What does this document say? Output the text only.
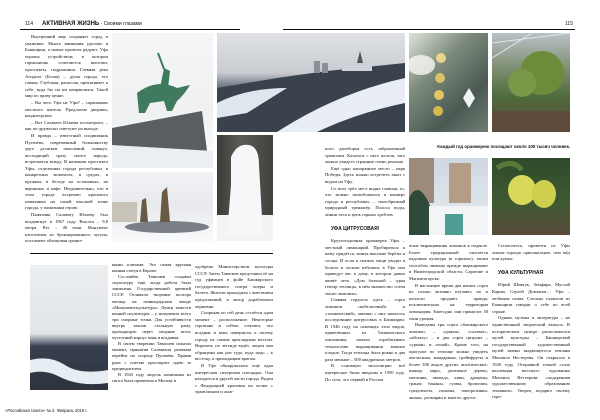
114 АКТИВНАЯ ЖИЗНЬ · Своими глазами	115

Внутренний мир сохраняет город и уважение. Много внимания уделено в Башкирии, а новые проекты радуют. Уфа хороша устройством, в котором гармонично сочетаются высотки, проспекты, подражания. Главная река Агидель (Белая) – душа города, его гавань. Глубокая, раскосая, притягивает к себе, куда бы ты ни направлялся. Такой мир по праву ценят.

– Вы чего Уфа не Уфа? – спрашиваю местного жителя. Предлагаю дворики, кондитерские.

– Вот Салавата Юлаева посмотрите, – как по-дружески советуют на выходе.

И правда – известный сподвижник Пугачёва, современный большинству двух десятков поколений, скакнул, восходящий сразу своего народа, встречается всюду. В названии проспекта Уфы, отделениях города республики, в конкретных моментах, в средах, в кружках, в беседе на остановках, на вершинах и кафе. Неудивительно, что в этом городе встречаю красивого памятника на самой высокой точке города, у памятника герою.

Памятник Салавату Юлаеву был воздвигнут в 1967 году. Высота – 9,8 метра. Вес – 40 тонн. Монумент изготовлен из бронзированного чугуна, постамент облицован гранит-

ными плитами. Это самая крупная конная статуя в Европе.

Сосланбек Тавасиев создавал скульптуру ещё, когда работа была закончена. Государственной премией СССР. Отливали творение полтора месяца на ленинградском заводе «Монументскульптура». Центр тяжести конной скульптуры – у монумента всего три опорные точки. Для устойчивости внутрь залили стальную раму, проходящую через опорные ноги, пустотный корпус коня и всадника.

В своем творении Тавасиев показал момент, принятия Салаватом решения перейти на сторону Пугачёва. Правая рука с плетью простирает идею за предводителем.

В 1943 году модель памятника из гипса была привезена в Москву и

одобрена Министерством культуры СССР. Затем Тавасиев представил её на суд уфимцев в фойе Башкирского государственного театра оперы и балета. Жители приходили с внесением предложений, и автор дорабатывал черновик.

Спорным по сей день остаётся один момент – расположение. Некоторые горожане и сейчас считают, что всадник и конь повернуты к своему городу не самым приглядным местом. Впрочем, по легенде ведёт, лицом они обращены как раз туда, куда надо – к востоку, к приходящим врагам.

В Уфе обнаружилась ещё одна интересная смотровая площадка. Она находится в другой части города. Рядом с Федерацией красивая на холме с трамплином и лыж-

Каждый год оранжерею посещают около 100 тысяч человек.

ного двоеборья есть заброшенный трамплин. Кататься с него нельзя, зато можно увидеть странные очень реально.

Ещё одно панорамное место – парк Победы. Здесь можно встретить закат с видом на Уфу.

Со всех трёх мест видна главная, то, что можно полюбоваться в конверт города и республики, – своеобразный природный тренажёр. Полоса воды, линии леса и цепь горных хребтов.

УФА ЦИТРУСОВАЯ!

Круглогодичная оранжерея Уфы – местный лимонарий. Пробираться к нему придётся, минуя высокие берёзы и сосны. И если в сказках чащи уводят в болота и лесные избушки, в Уфе они приведут вас к дому, в котором давно живёт лето. «Дом большой – один гектар теплицы, в нём множество сотен тысяч лимонов».

Главная гордость здесь – сорта лимонов «кобальтовый» и «ташкентский», именно с них началось исследование цитрусовых в Башкирии. В 1946 году на саженцах этих видов, привезённых из Ташкентского питомника, начали отрабатывать технологию выращивания южных плодов. Тогда теплица была ровно в два раза меньше – 500 квадратных метров.

В основную экспозицию всё интересное были введены в 1950 году. По сути, это первый в России

опыт выращивания лимонов в подвале. Более традиционной считается кадочная культура (в горшках), таким способом лимоны прежде выращивают в Нижегородской области, Саратове и Магнитогорске.

В настоящее время два наших сорта не только активно изучают, но и неплохо продают, правда, исключительно на территории лимонария. Ежегодно они приносят 30 тонн урожая.

Выведены три сорта «башкирского лимона» – «урман», «салават», «айсылу» – и два сорта цитрона – «урман» и «юлай». Кроме того, на прогулке по теплице можно увидеть апельсины, мандарины, грейпфруты и более 300 видов других экзотических: инжир, миро, денежное дерево, маслины, авокадо, киви, драцены, гранат, бананы, гуавы, бромелии, суккуленты, пальмы, папоротники, ананас, розмарин и многое другое.

Согласитесь, привезти из Уфы лимон гораздо оригинальнее, чем мёд или кумыс.

УФА КУЛЬТУРНАЯ

Юрий Шевчук, Земфира, Мустай Карим, Сергей Довлатов… Уфа – любимая почва. Столько талантов из Башкирии говорят о себе по всей стране.

Однако музыка и литература – не единственный творческий выпуск. В историческом центре расположился музей культуры – Башкирский государственный художественный музей имени выдающегося земляка Михаила Нестерова. Он открылся в 1920 году. Отправной точкой стала коллекция местного художника Михаила Нестерова «подаренная художественному образованию земляков». Творец подарил своему горо-

«Российская газета» № 2. Февраль 2019 г.
